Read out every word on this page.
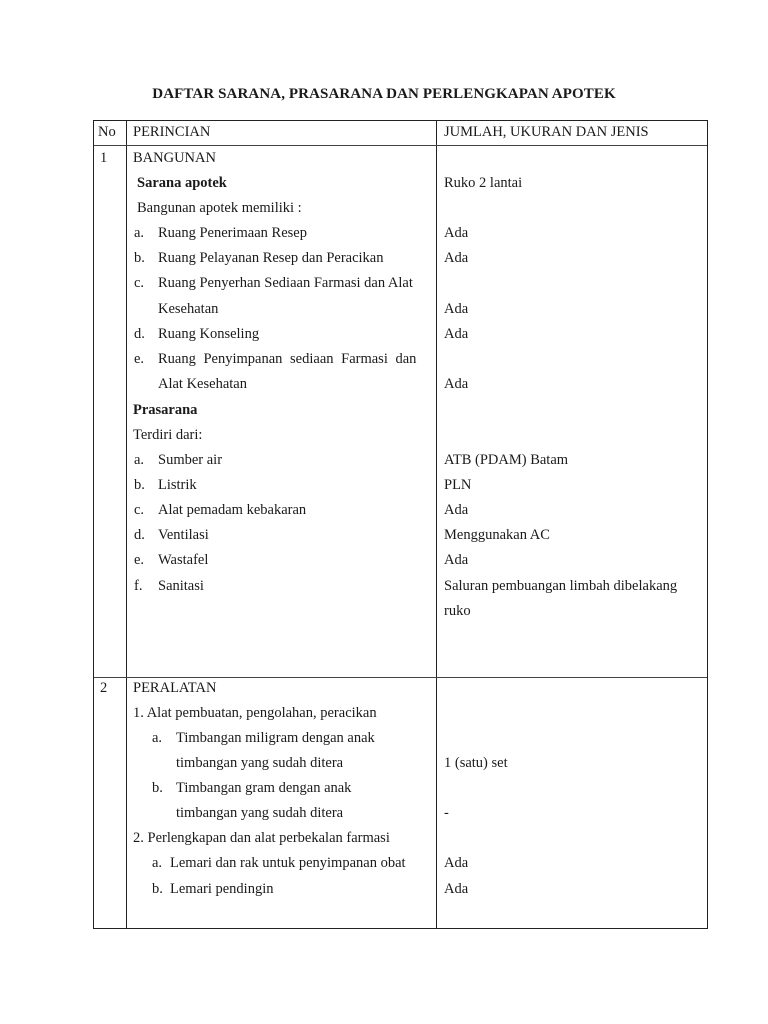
DAFTAR SARANA, PRASARANA DAN PERLENGKAPAN APOTEK
No PERINCIAN	JUMLAH, UKURAN DAN JENIS
1 BANGUNAN
Sarana apotek	Ruko 2 lantai
Bangunan apotek memiliki :
a. Ruang Penerimaan Resep	Ada
b. Ruang Pelayanan Resep dan Peracikan	Ada
c. Ruang Penyerhan Sediaan Farmasi dan Alat
Kesehatan	Ada
d. Ruang Konseling	Ada
e. Ruang Penyimpanan sediaan Farmasi dan
Alat Kesehatan	Ada
Prasarana
Terdiri dari:
a. Sumber air	ATB (PDAM) Batam
b. Listrik	PLN
c. Alat pemadam kebakaran	Ada
d. Ventilasi	Menggunakan AC
e. Wastafel	Ada
f. Sanitasi	Saluran pembuangan limbah dibelakang
ruko
2 PERALATAN
1. Alat pembuatan, pengolahan, peracikan
a. Timbangan miligram dengan anak
timbangan yang sudah ditera	1 (satu) set
b. Timbangan gram dengan anak
timbangan yang sudah ditera	-
2. Perlengkapan dan alat perbekalan farmasi
a. Lemari dan rak untuk penyimpanan obat	Ada
b. Lemari pendingin	Ada
